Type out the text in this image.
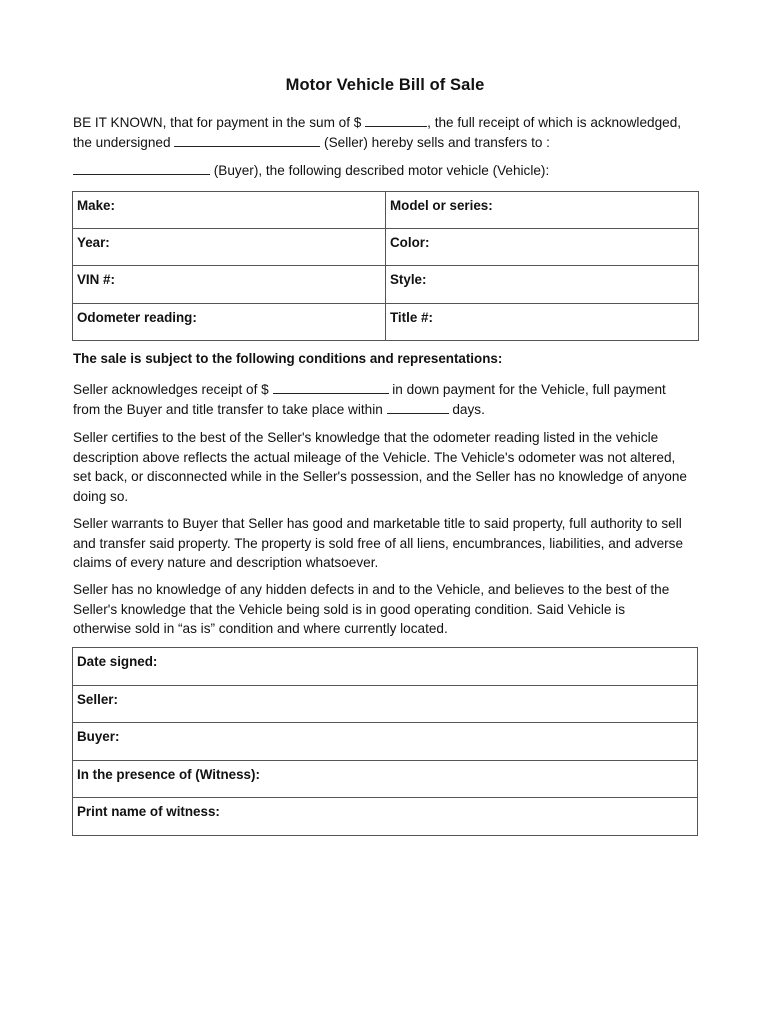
Motor Vehicle Bill of Sale
BE IT KNOWN, that for payment in the sum of $	, the full receipt of which is acknowledged,
the undersigned	(Seller) hereby sells and transfers to :
(Buyer), the following described motor vehicle (Vehicle):
Make:	Model or series:
Year:	Color:
VIN #:	Style:
Odometer reading:	Title #:
The sale is subject to the following conditions and representations:
Seller acknowledges receipt of $	in down payment for the Vehicle, full payment
from the Buyer and title transfer to take place within	days.
Seller certifies to the best of the Seller's knowledge that the odometer reading listed in the vehicle
description above reflects the actual mileage of the Vehicle. The Vehicle's odometer was not altered,
set back, or disconnected while in the Seller's possession, and the Seller has no knowledge of anyone
doing so.
Seller warrants to Buyer that Seller has good and marketable title to said property, full authority to sell
and transfer said property. The property is sold free of all liens, encumbrances, liabilities, and adverse
claims of every nature and description whatsoever.
Seller has no knowledge of any hidden defects in and to the Vehicle, and believes to the best of the
Seller's knowledge that the Vehicle being sold is in good operating condition. Said Vehicle is
otherwise sold in “as is” condition and where currently located.
Date signed:
Seller:
Buyer:
In the presence of (Witness):
Print name of witness:
